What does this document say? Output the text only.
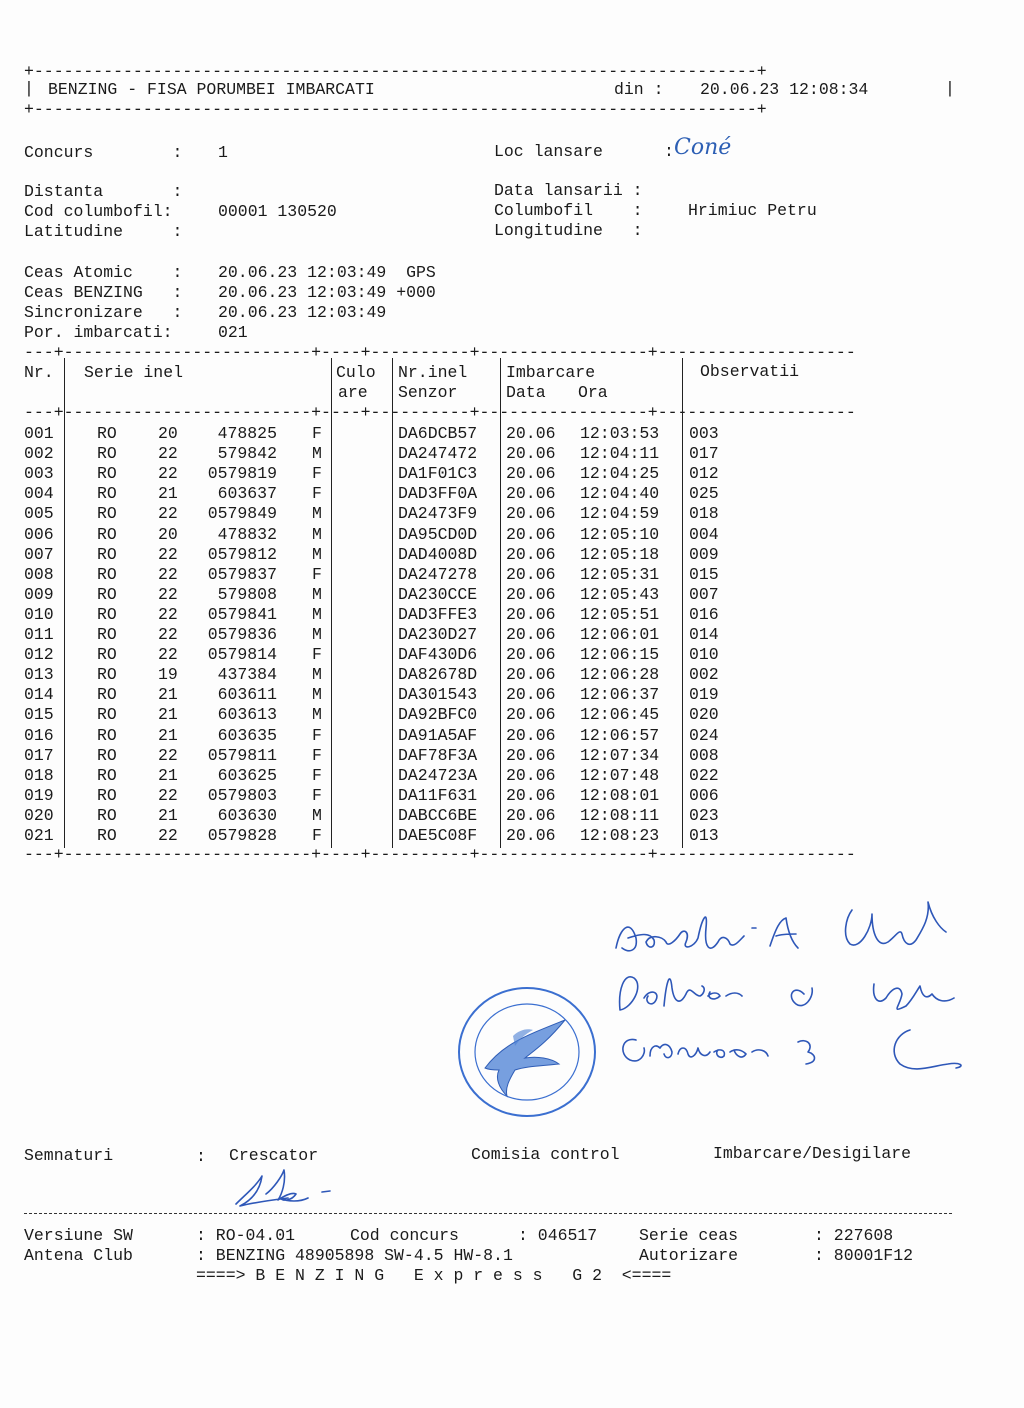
+-------------------------------------------------------------------------+
|	|
BENZING - FISA PORUMBEI IMBARCATI	din : 20.06.23 12:08:34
+-------------------------------------------------------------------------+
Concurs        : 1	Loc lansare	: Coné
Distanta       :	Data lansarii :
Cod columbofil:	00001 130520	Columbofil    :	Hrimiuc Petru
Latitudine     :	Longitudine   :
Ceas Atomic    : 20.06.23 12:03:49  GPS
Ceas BENZING   : 20.06.23 12:03:49 +000
Sincronizare   : 20.06.23 12:03:49
Por. imbarcati:	021
---+-------------------------+----+----------+-----------------+--------------------
---+-------------------------+----+----------+-----------------+--------------------
---+-------------------------+----+----------+-----------------+--------------------
Nr. Serie inel	Culo Nr.inel Imbarcare	Observatii
are Senzor	Data Ora
001	RO 20	478825 F	DA6DCB57 20.06 12:03:53 003
002	RO 22	579842 M	DA247472 20.06 12:04:11 017
003	RO 22	0579819 F	DA1F01C3 20.06 12:04:25 012
004	RO 21	603637 F	DAD3FF0A 20.06 12:04:40 025
005	RO 22	0579849 M	DA2473F9 20.06 12:04:59 018
006	RO 20	478832 M	DA95CD0D 20.06 12:05:10 004
007	RO 22	0579812 M	DAD4008D 20.06 12:05:18 009
008	RO 22	0579837 F	DA247278 20.06 12:05:31 015
009	RO 22	579808 M	DA230CCE 20.06 12:05:43 007
010	RO 22	0579841 M	DAD3FFE3 20.06 12:05:51 016
011	RO 22	0579836 M	DA230D27 20.06 12:06:01 014
012	RO 22	0579814 F	DAF430D6 20.06 12:06:15 010
013	RO 19	437384 M	DA82678D 20.06 12:06:28 002
014	RO 21	603611 M	DA301543 20.06 12:06:37 019
015	RO 21	603613 M	DA92BFC0 20.06 12:06:45 020
016	RO 21	603635 F	DA91A5AF 20.06 12:06:57 024
017	RO 22	0579811 F	DAF78F3A 20.06 12:07:34 008
018	RO 21	603625 F	DA24723A 20.06 12:07:48 022
019	RO 22	0579803 F	DA11F631 20.06 12:08:01 006
020	RO 21	603630 M	DABCC6BE 20.06 12:08:11 023
021	RO 22	0579828 F	DAE5C08F 20.06 12:08:23 013
Semnaturi	: Crescator	Comisia control	Imbarcare/Desigilare
Versiune SW	: RO-04.01	Cod concurs	: 046517	Serie ceas	: 227608
Antena Club	: BENZING 48905898 SW-4.5 HW-8.1	Autorizare	: 80001F12
====> B E N Z I N G   E x p r e s s   G 2  <====
